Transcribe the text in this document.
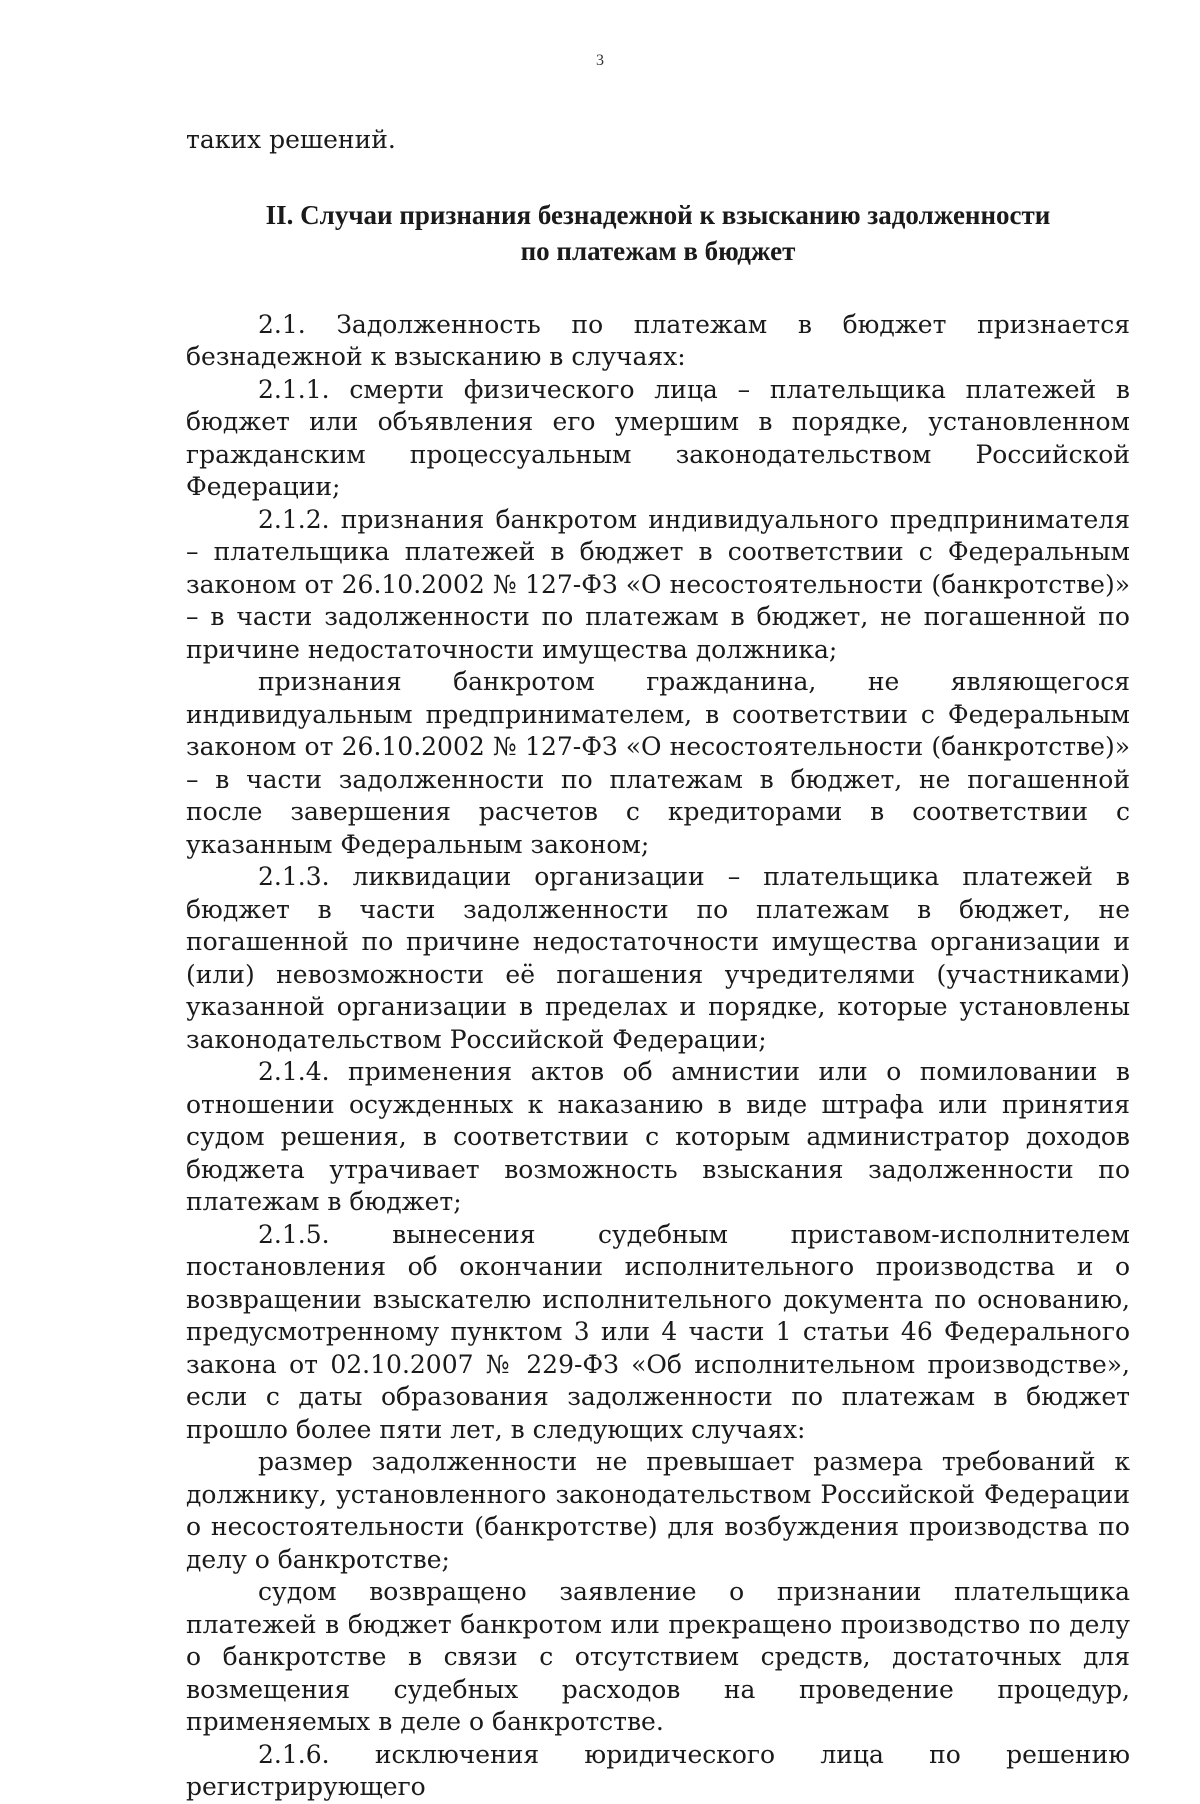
3

таких решений.

II. Случаи признания безнадежной к взысканию задолженности
по платежам в бюджет

2.1. Задолженность по платежам в бюджет признается безнадежной к взысканию в случаях:

2.1.1. смерти физического лица – плательщика платежей в бюджет или объявления его умершим в порядке, установленном гражданским процессуальным законодательством Российской Федерации;

2.1.2. признания банкротом индивидуального предпринимателя – плательщика платежей в бюджет в соответствии с Федеральным законом от 26.10.2002 № 127-ФЗ «О несостоятельности (банкротстве)» – в части задолженности по платежам в бюджет, не погашенной по причине недостаточности имущества должника;

признания банкротом гражданина, не являющегося индивидуальным предпринимателем, в соответствии с Федеральным законом от 26.10.2002 № 127-ФЗ «О несостоятельности (банкротстве)» – в части задолженности по платежам в бюджет, не погашенной после завершения расчетов с кредиторами в соответствии с указанным Федеральным законом;

2.1.3. ликвидации организации – плательщика платежей в бюджет в части задолженности по платежам в бюджет, не погашенной по причине недостаточности имущества организации и (или) невозможности её погашения учредителями (участниками) указанной организации в пределах и порядке, которые установлены законодательством Российской Федерации;

2.1.4. применения актов об амнистии или о помиловании в отношении осужденных к наказанию в виде штрафа или принятия судом решения, в соответствии с которым администратор доходов бюджета утрачивает возможность взыскания задолженности по платежам в бюджет;

2.1.5. вынесения судебным приставом-исполнителем постановления об окончании исполнительного производства и о возвращении взыскателю исполнительного документа по основанию, предусмотренному пунктом 3 или 4 части 1 статьи 46 Федерального закона от 02.10.2007 № 229-ФЗ «Об исполнительном производстве», если с даты образования задолженности по платежам в бюджет прошло более пяти лет, в следующих случаях:

размер задолженности не превышает размера требований к должнику, установленного законодательством Российской Федерации о несостоятельности (банкротстве) для возбуждения производства по делу о банкротстве;

судом возвращено заявление о признании плательщика платежей в бюджет банкротом или прекращено производство по делу о банкротстве в связи с отсутствием средств, достаточных для возмещения судебных расходов на проведение процедур, применяемых в деле о банкротстве.

2.1.6. исключения юридического лица по решению регистрирующего
